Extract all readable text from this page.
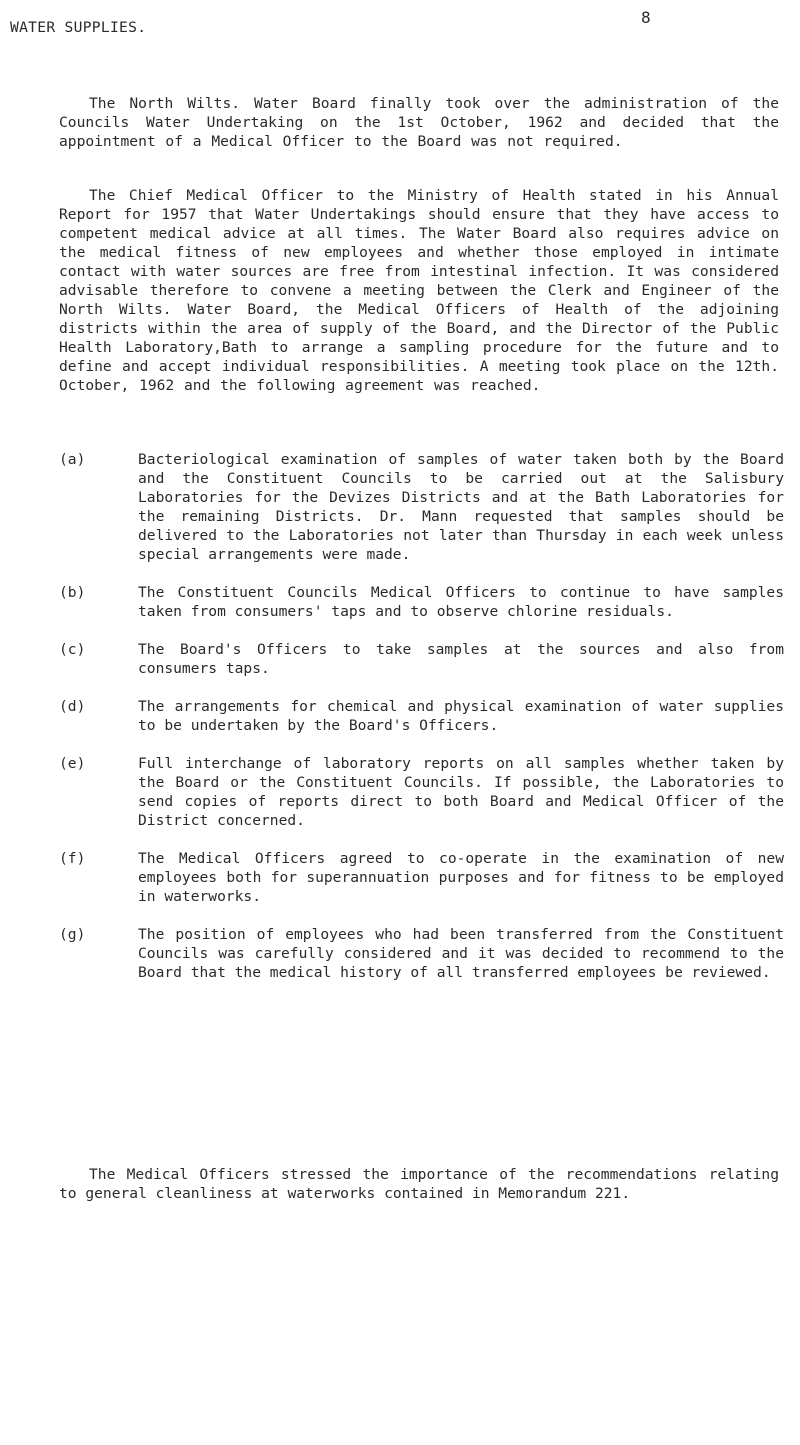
WATER SUPPLIES.
8
The North Wilts. Water Board finally took over the administration of the Councils Water Undertaking on the 1st October, 1962 and decided that the appointment of a Medical Officer to the Board was not required.
The Chief Medical Officer to the Ministry of Health stated in his Annual Report for 1957 that Water Undertakings should ensure that they have access to competent medical advice at all times. The Water Board also requires advice on the medical fitness of new employees and whether those employed in intimate contact with water sources are free from intestinal infection. It was considered advisable therefore to convene a meeting between the Clerk and Engineer of the North Wilts. Water Board, the Medical Officers of Health of the adjoining districts within the area of supply of the Board, and the Director of the Public Health Laboratory,Bath to arrange a sampling procedure for the future and to define and accept individual responsibilities. A meeting took place on the 12th. October, 1962 and the following agreement was reached.
(a)	Bacteriological examination of samples of water taken both by the Board and the Constituent Councils to be carried out at the Salisbury Laboratories for the Devizes Districts and at the Bath Laboratories for the remaining Districts. Dr. Mann requested that samples should be delivered to the Laboratories not later than Thursday in each week unless special arrangements were made.
(b)	The Constituent Councils Medical Officers to continue to have samples taken from consumers' taps and to observe chlorine residuals.
(c)	The Board's Officers to take samples at the sources and also from consumers taps.
(d)	The arrangements for chemical and physical examination of water supplies to be undertaken by the Board's Officers.
(e)	Full interchange of laboratory reports on all samples whether taken by the Board or the Constituent Councils. If possible, the Laboratories to send copies of reports direct to both Board and Medical Officer of the District concerned.
(f)	The Medical Officers agreed to co-operate in the examination of new employees both for superannuation purposes and for fitness to be employed in waterworks.
(g)	The position of employees who had been transferred from the Constituent Councils was carefully considered and it was decided to recommend to the Board that the medical history of all transferred employees be reviewed.
The Medical Officers stressed the importance of the recommendations relating to general cleanliness at waterworks contained in Memorandum 221.
